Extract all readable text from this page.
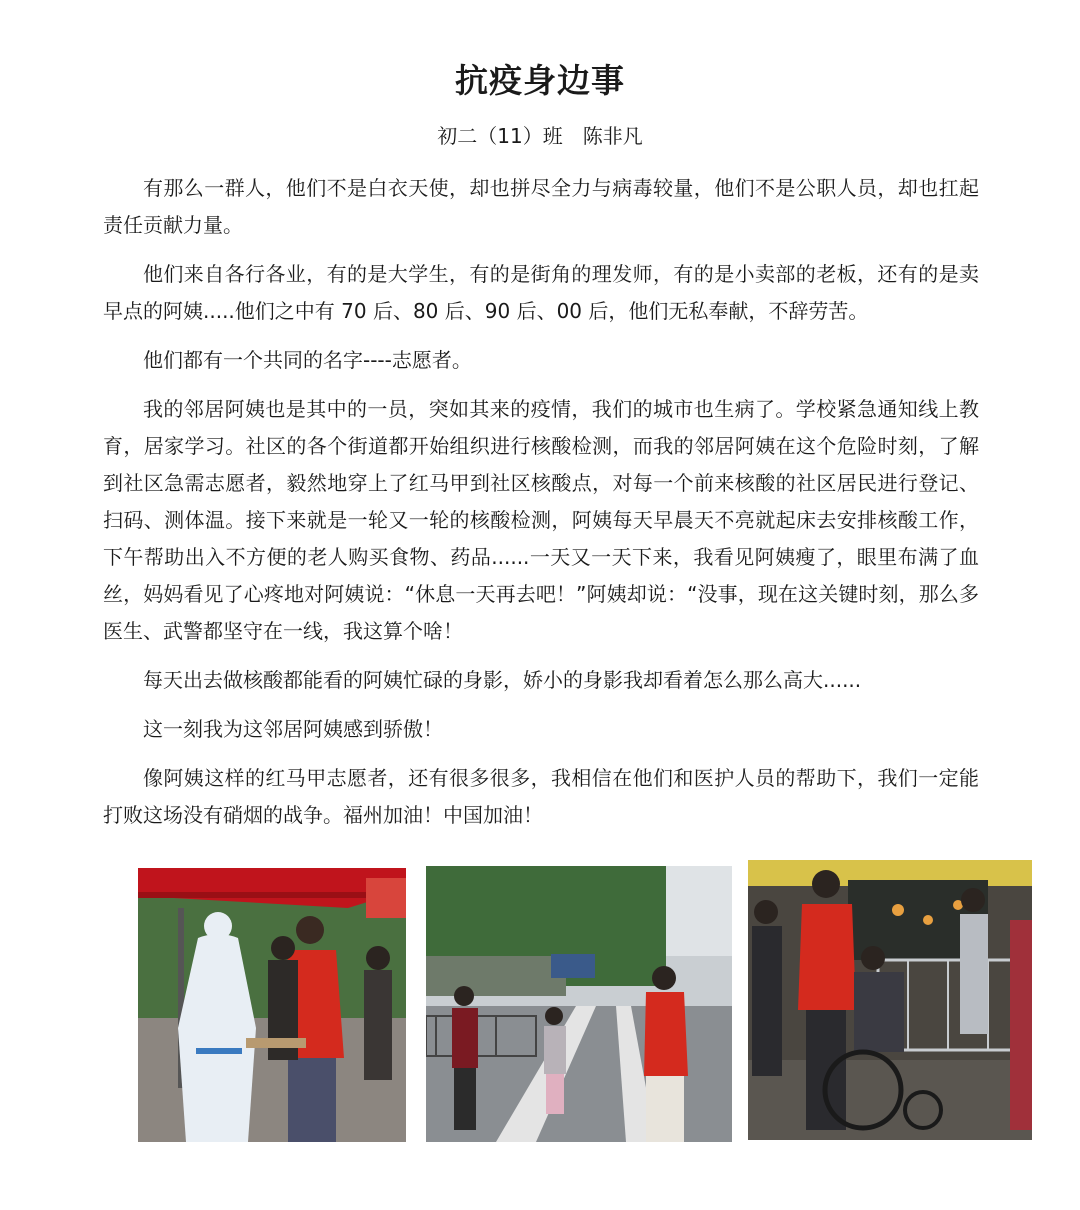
抗疫身边事
初二（11）班　陈非凡

有那么一群人，他们不是白衣天使，却也拼尽全力与病毒较量，他们不是公职人员，却也扛起责任贡献力量。

他们来自各行各业，有的是大学生，有的是街角的理发师，有的是小卖部的老板，还有的是卖早点的阿姨.....他们之中有 70 后、80 后、90 后、00 后，他们无私奉献，不辞劳苦。

他们都有一个共同的名字----志愿者。

我的邻居阿姨也是其中的一员，突如其来的疫情，我们的城市也生病了。学校紧急通知线上教育，居家学习。社区的各个街道都开始组织进行核酸检测，而我的邻居阿姨在这个危险时刻，了解到社区急需志愿者，毅然地穿上了红马甲到社区核酸点，对每一个前来核酸的社区居民进行登记、扫码、测体温。接下来就是一轮又一轮的核酸检测，阿姨每天早晨天不亮就起床去安排核酸工作，下午帮助出入不方便的老人购买食物、药品......一天又一天下来，我看见阿姨瘦了，眼里布满了血丝，妈妈看见了心疼地对阿姨说：“休息一天再去吧！”阿姨却说：“没事，现在这关键时刻，那么多医生、武警都坚守在一线，我这算个啥！

每天出去做核酸都能看的阿姨忙碌的身影，娇小的身影我却看着怎么那么高大......

这一刻我为这邻居阿姨感到骄傲！

像阿姨这样的红马甲志愿者，还有很多很多，我相信在他们和医护人员的帮助下，我们一定能打败这场没有硝烟的战争。福州加油！中国加油！
